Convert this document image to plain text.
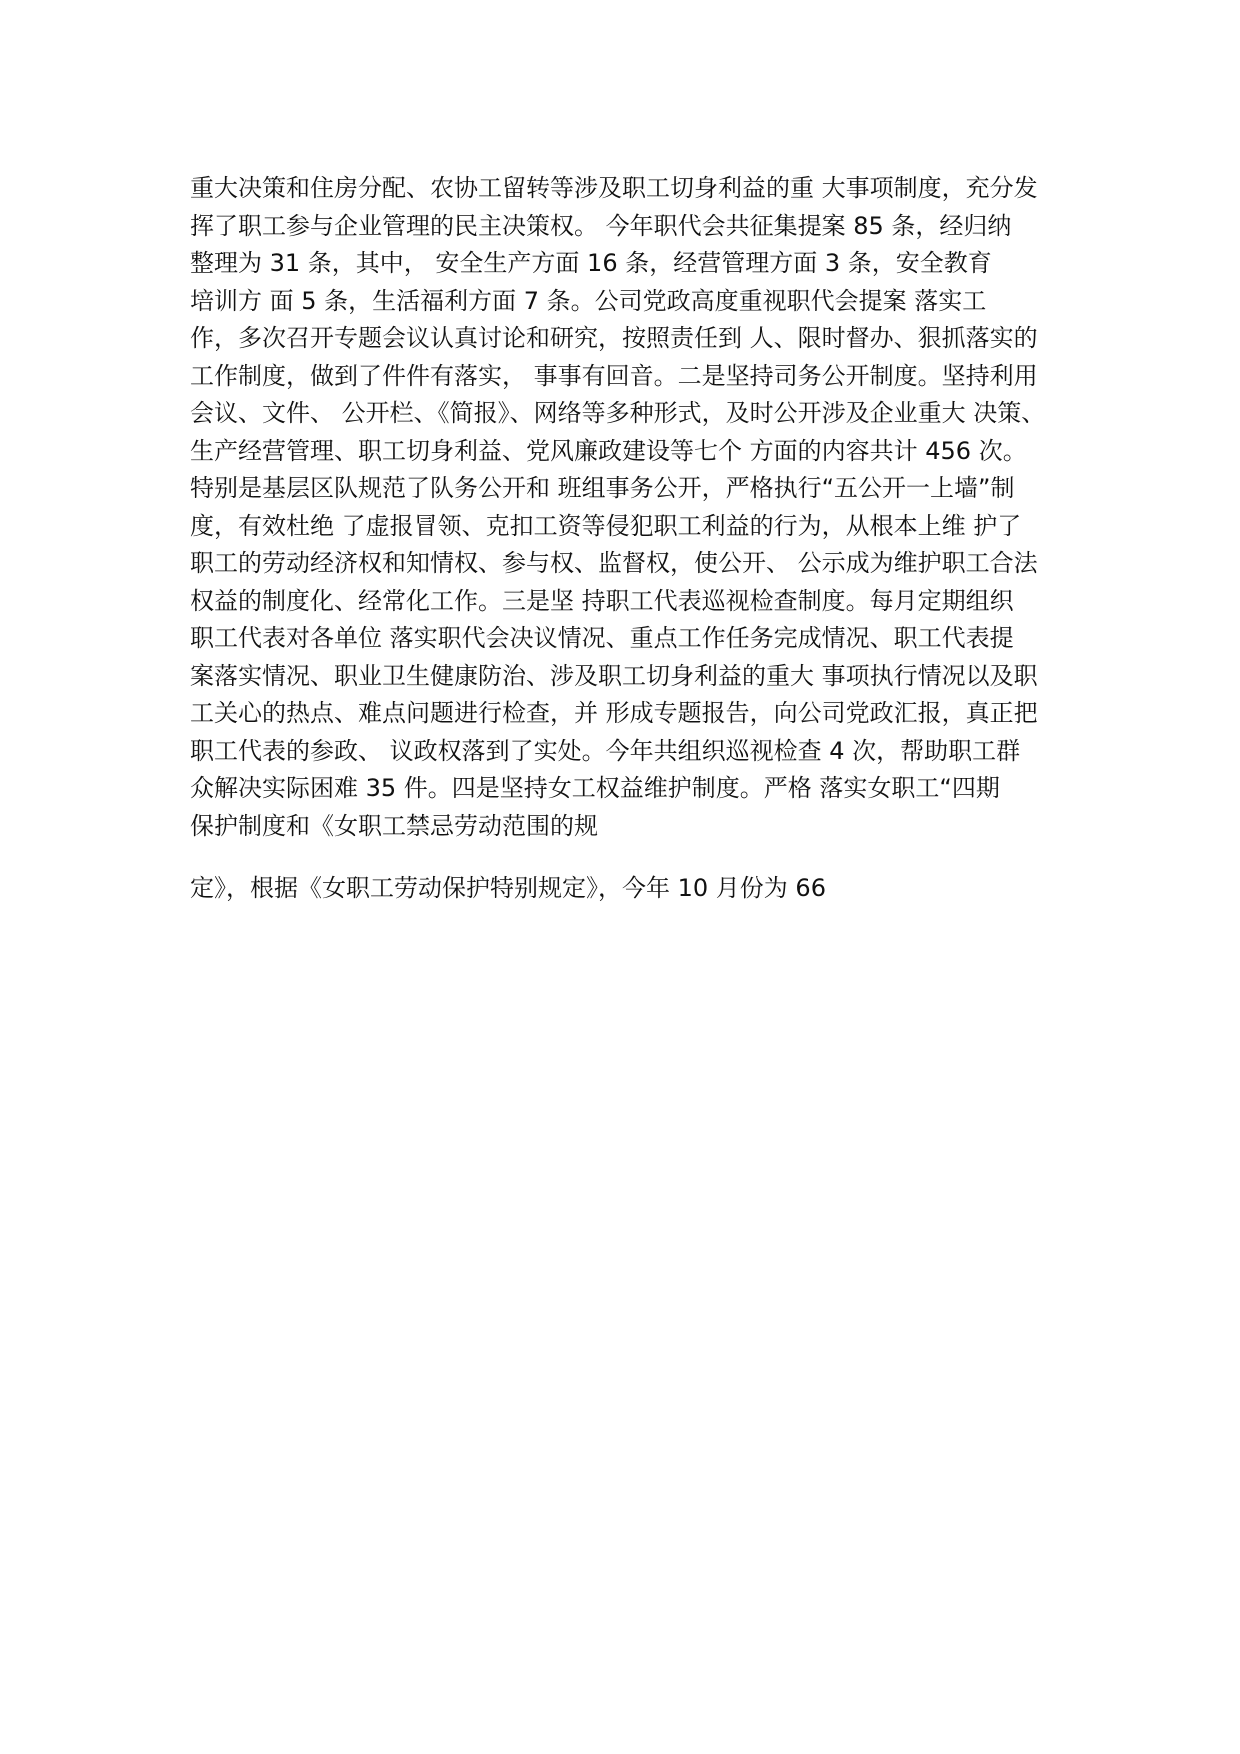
重大决策和住房分配、农协工留转等涉及职工切身利益的重 大事项制度，充分发
挥了职工参与企业管理的民主决策权。 今年职代会共征集提案 85 条，经归纳
整理为 31 条，其中， 安全生产方面 16 条，经营管理方面 3 条，安全教育
培训方 面 5 条，生活福利方面 7 条。公司党政高度重视职代会提案 落实工
作，多次召开专题会议认真讨论和研究，按照责任到 人、限时督办、狠抓落实的
工作制度，做到了件件有落实， 事事有回音。二是坚持司务公开制度。坚持利用
会议、文件、 公开栏、《简报》、网络等多种形式，及时公开涉及企业重大 决策、
生产经营管理、职工切身利益、党风廉政建设等七个 方面的内容共计 456 次。
特别是基层区队规范了队务公开和 班组事务公开，严格执行“五公开一上墙”制
度，有效杜绝 了虚报冒领、克扣工资等侵犯职工利益的行为，从根本上维 护了
职工的劳动经济权和知情权、参与权、监督权，使公开、 公示成为维护职工合法
权益的制度化、经常化工作。三是坚 持职工代表巡视检查制度。每月定期组织
职工代表对各单位 落实职代会决议情况、重点工作任务完成情况、职工代表提
案落实情况、职业卫生健康防治、涉及职工切身利益的重大 事项执行情况以及职
工关心的热点、难点问题进行检查，并 形成专题报告，向公司党政汇报，真正把
职工代表的参政、 议政权落到了实处。今年共组织巡视检查 4 次，帮助职工群
众解决实际困难 35 件。四是坚持女工权益维护制度。严格 落实女职工“四期
保护制度和《女职工禁忌劳动范围的规
定》，根据《女职工劳动保护特别规定》，今年 10 月份为 66
